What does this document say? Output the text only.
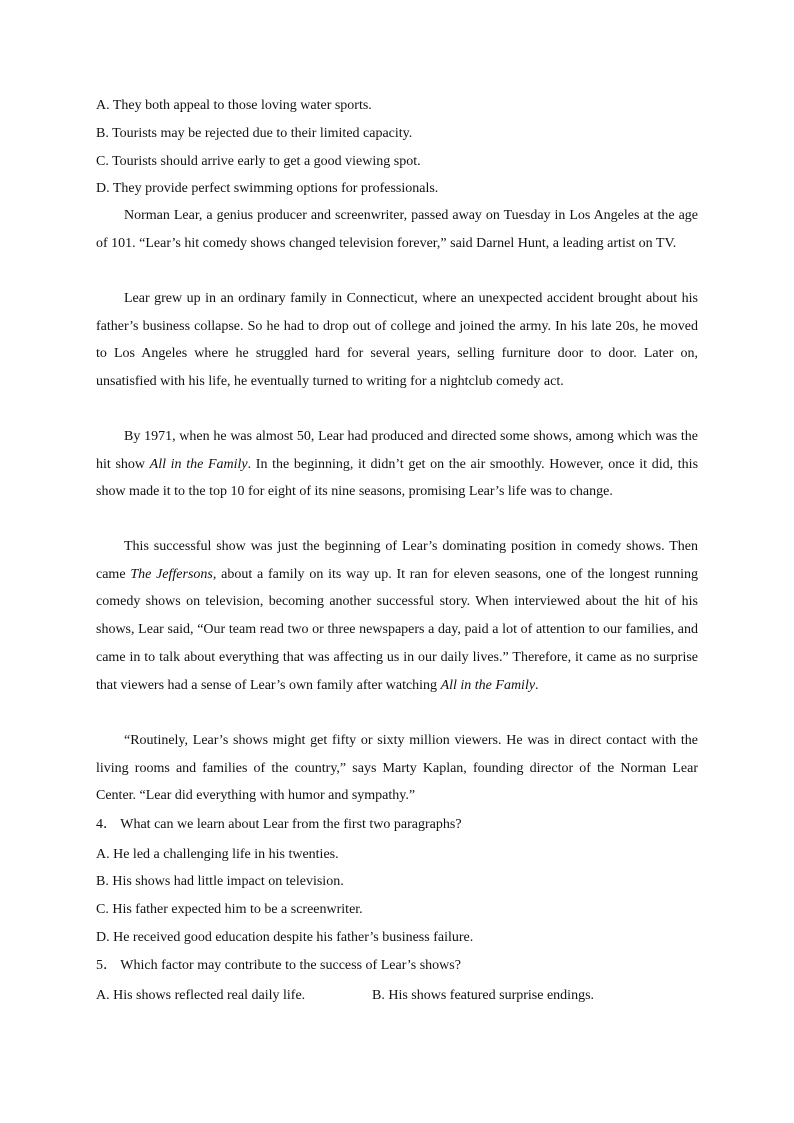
A. They both appeal to those loving water sports.
B. Tourists may be rejected due to their limited capacity.
C. Tourists should arrive early to get a good viewing spot.
D. They provide perfect swimming options for professionals.

Norman Lear, a genius producer and screenwriter, passed away on Tuesday in Los Angeles at the age of 101. “Lear’s hit comedy shows changed television forever,” said Darnel Hunt, a leading artist on TV.

Lear grew up in an ordinary family in Connecticut, where an unexpected accident brought about his father’s business collapse. So he had to drop out of college and joined the army. In his late 20s, he moved to Los Angeles where he struggled hard for several years, selling furniture door to door. Later on, unsatisfied with his life, he eventually turned to writing for a nightclub comedy act.

By 1971, when he was almost 50, Lear had produced and directed some shows, among which was the hit show All in the Family. In the beginning, it didn’t get on the air smoothly. However, once it did, this show made it to the top 10 for eight of its nine seasons, promising Lear’s life was to change.

This successful show was just the beginning of Lear’s dominating position in comedy shows. Then came The Jeffersons, about a family on its way up. It ran for eleven seasons, one of the longest running comedy shows on television, becoming another successful story. When interviewed about the hit of his shows, Lear said, “Our team read two or three newspapers a day, paid a lot of attention to our families, and came in to talk about everything that was affecting us in our daily lives.” Therefore, it came as no surprise that viewers had a sense of Lear’s own family after watching All in the Family.

“Routinely, Lear’s shows might get fifty or sixty million viewers. He was in direct contact with the living rooms and families of the country,” says Marty Kaplan, founding director of the Norman Lear Center. “Lear did everything with humor and sympathy.”

4． What can we learn about Lear from the first two paragraphs?
A. He led a challenging life in his twenties.
B. His shows had little impact on television.
C. His father expected him to be a screenwriter.
D. He received good education despite his father’s business failure.
5． Which factor may contribute to the success of Lear’s shows?
A. His shows reflected real daily life.	B. His shows featured surprise endings.
